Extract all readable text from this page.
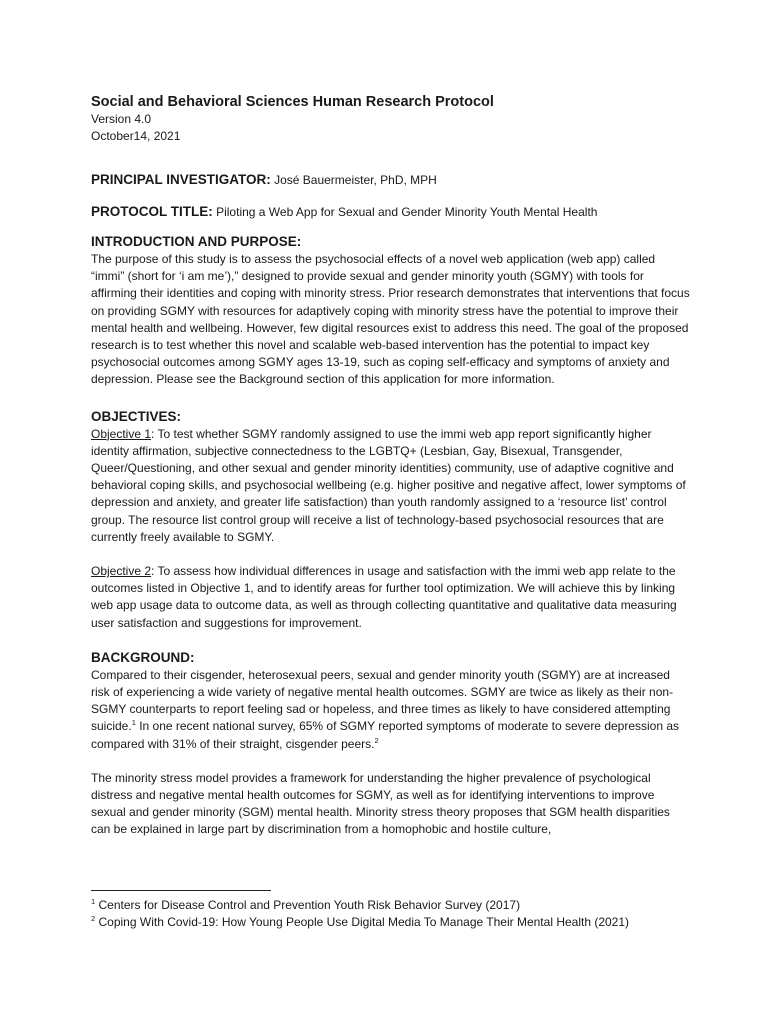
Social and Behavioral Sciences Human Research Protocol

Version 4.0

October14, 2021

PRINCIPAL INVESTIGATOR: José Bauermeister, PhD, MPH
PROTOCOL TITLE: Piloting a Web App for Sexual and Gender Minority Youth Mental Health
INTRODUCTION AND PURPOSE:

The purpose of this study is to assess the psychosocial effects of a novel web application (web app) called “immi” (short for ‘i am me’),” designed to provide sexual and gender minority youth (SGMY) with tools for affirming their identities and coping with minority stress. Prior research demonstrates that interventions that focus on providing SGMY with resources for adaptively coping with minority stress have the potential to improve their mental health and wellbeing. However, few digital resources exist to address this need. The goal of the proposed research is to test whether this novel and scalable web-based intervention has the potential to impact key psychosocial outcomes among SGMY ages 13-19, such as coping self-efficacy and symptoms of anxiety and depression. Please see the Background section of this application for more information.

OBJECTIVES:

Objective 1: To test whether SGMY randomly assigned to use the immi web app report significantly higher identity affirmation, subjective connectedness to the LGBTQ+ (Lesbian, Gay, Bisexual, Transgender, Queer/Questioning, and other sexual and gender minority identities) community, use of adaptive cognitive and behavioral coping skills, and psychosocial wellbeing (e.g. higher positive and negative affect, lower symptoms of depression and anxiety, and greater life satisfaction) than youth randomly assigned to a ‘resource list’ control group. The resource list control group will receive a list of technology-based psychosocial resources that are currently freely available to SGMY.

Objective 2: To assess how individual differences in usage and satisfaction with the immi web app relate to the outcomes listed in Objective 1, and to identify areas for further tool optimization. We will achieve this by linking web app usage data to outcome data, as well as through collecting quantitative and qualitative data measuring user satisfaction and suggestions for improvement.

BACKGROUND:

Compared to their cisgender, heterosexual peers, sexual and gender minority youth (SGMY) are at increased risk of experiencing a wide variety of negative mental health outcomes. SGMY are twice as likely as their non-SGMY counterparts to report feeling sad or hopeless, and three times as likely to have considered attempting suicide.$^1$ In one recent national survey, 65% of SGMY reported symptoms of moderate to severe depression as compared with 31% of their straight, cisgender peers.$^2$

The minority stress model provides a framework for understanding the higher prevalence of psychological distress and negative mental health outcomes for SGMY, as well as for identifying interventions to improve sexual and gender minority (SGM) mental health. Minority stress theory proposes that SGM health disparities can be explained in large part by discrimination from a homophobic and hostile culture,

$^1$ Centers for Disease Control and Prevention Youth Risk Behavior Survey (2017)
$^2$ Coping With Covid-19: How Young People Use Digital Media To Manage Their Mental Health (2021)
